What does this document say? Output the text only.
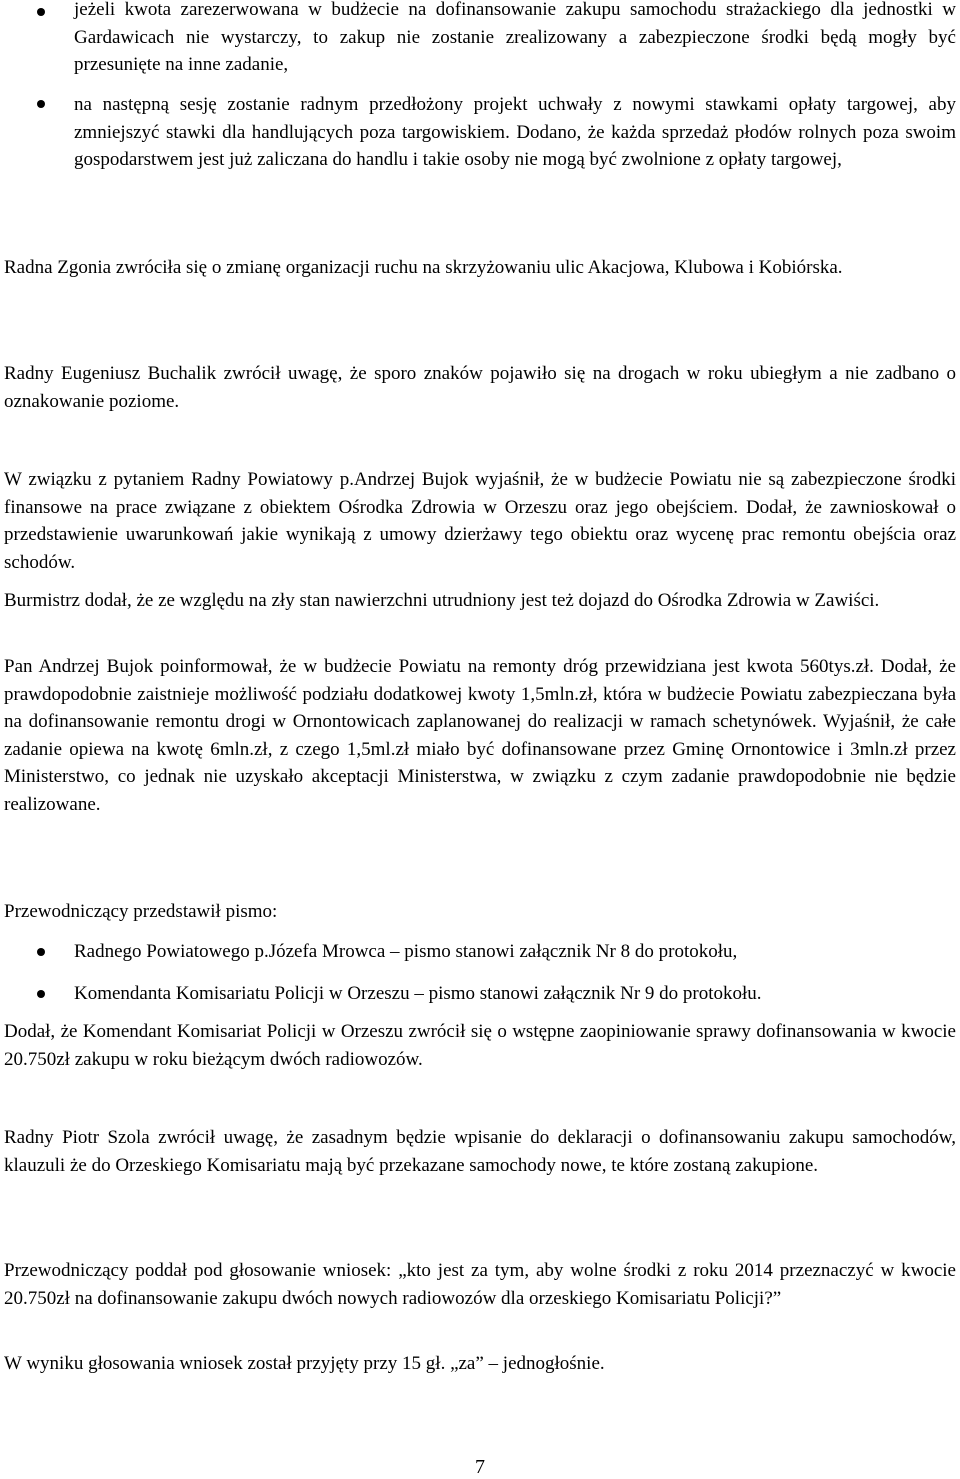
jeżeli kwota zarezerwowana w budżecie na dofinansowanie zakupu samochodu strażackiego dla jednostki w Gardawicach nie wystarczy, to zakup nie zostanie zrealizowany a zabezpieczone środki będą mogły być przesunięte na inne zadanie,

na następną sesję zostanie radnym przedłożony projekt uchwały z nowymi stawkami opłaty targowej, aby zmniejszyć stawki dla handlujących poza targowiskiem. Dodano, że każda sprzedaż płodów rolnych poza swoim gospodarstwem jest już zaliczana do handlu i takie osoby nie mogą być zwolnione z opłaty targowej,

Radna Zgonia zwróciła się o zmianę organizacji ruchu na skrzyżowaniu ulic Akacjowa, Klubowa i Kobiórska.

Radny Eugeniusz Buchalik zwrócił uwagę, że sporo znaków pojawiło się na drogach w roku ubiegłym a nie zadbano o oznakowanie poziome.

W związku z pytaniem Radny Powiatowy p.Andrzej Bujok wyjaśnił, że w budżecie Powiatu nie są zabezpieczone środki finansowe na prace związane z obiektem Ośrodka Zdrowia w Orzeszu oraz jego obejściem. Dodał, że zawnioskował o przedstawienie uwarunkowań jakie wynikają z umowy dzierżawy tego obiektu oraz wycenę prac remontu obejścia oraz schodów.

Burmistrz dodał, że ze względu na zły stan nawierzchni utrudniony jest też dojazd do Ośrodka Zdrowia w Zawiści.

Pan Andrzej Bujok poinformował, że w budżecie Powiatu na remonty dróg przewidziana jest kwota 560tys.zł. Dodał, że prawdopodobnie zaistnieje możliwość podziału dodatkowej kwoty 1,5mln.zł, która w budżecie Powiatu zabezpieczana była na dofinansowanie remontu drogi w Ornontowicach zaplanowanej do realizacji w ramach schetynówek. Wyjaśnił, że całe zadanie opiewa na kwotę 6mln.zł, z czego 1,5ml.zł miało być dofinansowane przez Gminę Ornontowice i 3mln.zł przez Ministerstwo, co jednak nie uzyskało akceptacji Ministerstwa, w związku z czym zadanie prawdopodobnie nie będzie realizowane.

Przewodniczący przedstawił pismo:

Radnego Powiatowego p.Józefa Mrowca – pismo stanowi załącznik Nr 8 do protokołu,

Komendanta Komisariatu Policji w Orzeszu – pismo stanowi załącznik Nr 9 do protokołu.

Dodał, że Komendant Komisariat Policji w Orzeszu zwrócił się o wstępne zaopiniowanie sprawy dofinansowania w kwocie 20.750zł zakupu w roku bieżącym dwóch radiowozów.

Radny Piotr Szola zwrócił uwagę, że zasadnym będzie wpisanie do deklaracji o dofinansowaniu zakupu samochodów, klauzuli że do Orzeskiego Komisariatu mają być przekazane samochody nowe, te które zostaną zakupione.

Przewodniczący poddał pod głosowanie wniosek: „kto jest za tym, aby wolne środki z roku 2014 przeznaczyć w kwocie 20.750zł na dofinansowanie zakupu dwóch nowych radiowozów dla orzeskiego Komisariatu Policji?”

W wyniku głosowania wniosek został przyjęty przy 15 gł. „za” – jednogłośnie.

7
